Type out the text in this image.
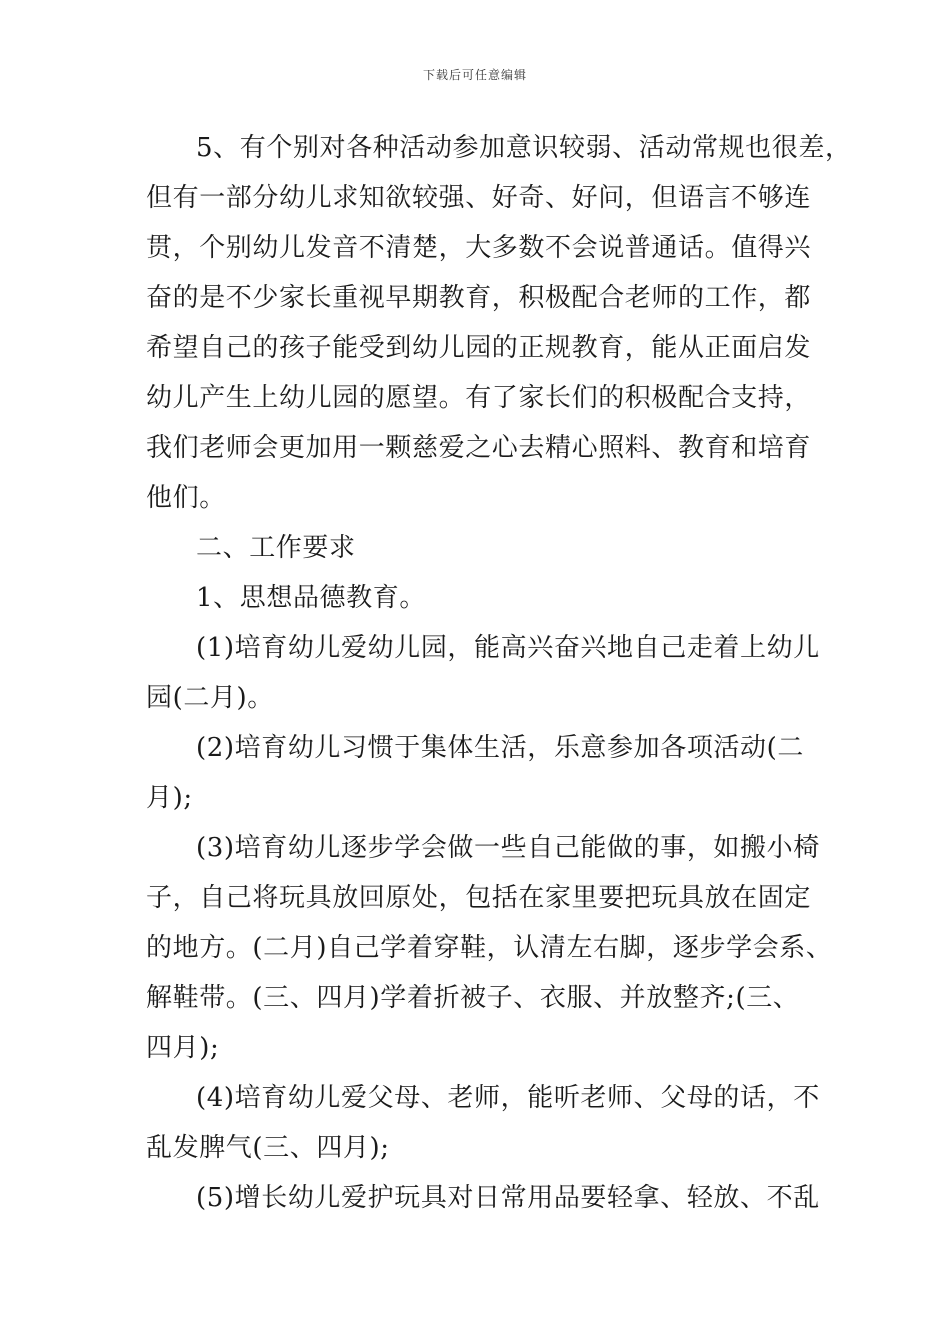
下载后可任意编辑
5、有个别对各种活动参加意识较弱、活动常规也很差，
但有一部分幼儿求知欲较强、好奇、好问，但语言不够连
贯，个别幼儿发音不清楚，大多数不会说普通话。值得兴
奋的是不少家长重视早期教育，积极配合老师的工作，都
希望自己的孩子能受到幼儿园的正规教育，能从正面启发
幼儿产生上幼儿园的愿望。有了家长们的积极配合支持，
我们老师会更加用一颗慈爱之心去精心照料、教育和培育
他们。
二、工作要求
1、思想品德教育。
(1)培育幼儿爱幼儿园，能高兴奋兴地自己走着上幼儿
园(二月)。
(2)培育幼儿习惯于集体生活，乐意参加各项活动(二
月);
(3)培育幼儿逐步学会做一些自己能做的事，如搬小椅
子，自己将玩具放回原处，包括在家里要把玩具放在固定
的地方。(二月)自己学着穿鞋，认清左右脚，逐步学会系、
解鞋带。(三、四月)学着折被子、衣服、并放整齐;(三、
四月);
(4)培育幼儿爱父母、老师，能听老师、父母的话，不
乱发脾气(三、四月);
(5)增长幼儿爱护玩具对日常用品要轻拿、轻放、不乱
